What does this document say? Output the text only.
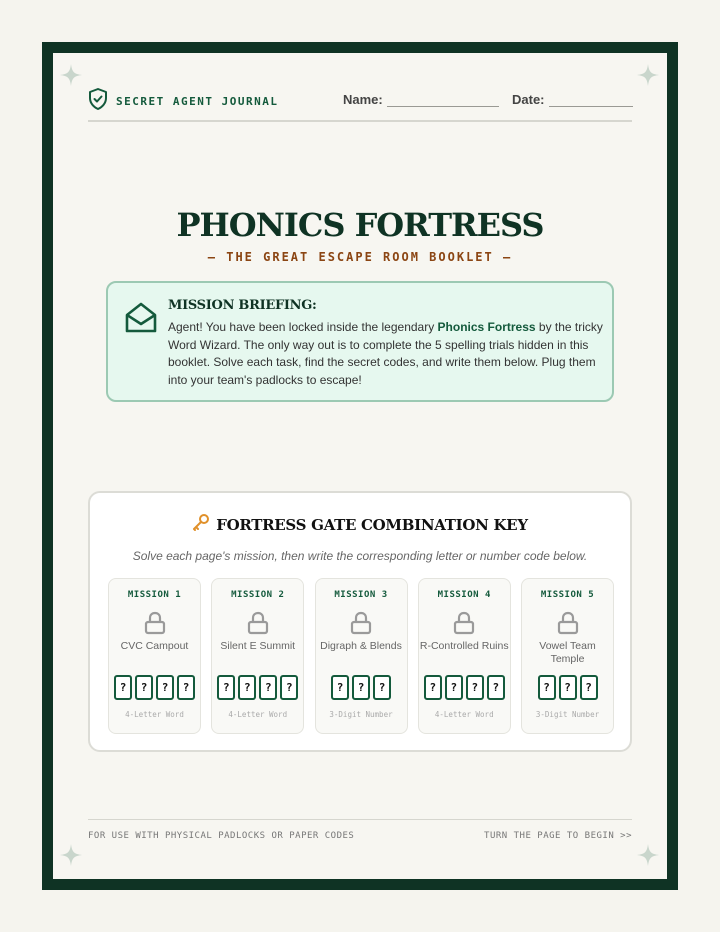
SECRET AGENT JOURNAL	Name:	Date:
PHONICS FORTRESS
— THE GREAT ESCAPE ROOM BOOKLET —
MISSION BRIEFING:
Agent! You have been locked inside the legendary Phonics Fortress by the tricky Word Wizard. The only way out is to complete the 5 spelling trials hidden in this booklet. Solve each task, find the secret codes, and write them below. Plug them into your team's padlocks to escape!
FORTRESS GATE COMBINATION KEY
Solve each page's mission, then write the corresponding letter or number code below.
MISSION 1
CVC Campout
?	?	?	?
4-Letter Word
MISSION 2
Silent E Summit
?	?	?	?
4-Letter Word
MISSION 3
Digraph & Blends
?	?	?
3-Digit Number
MISSION 4
R-Controlled Ruins
?	?	?	?
4-Letter Word
MISSION 5
Vowel Team Temple
?	?	?
3-Digit Number
FOR USE WITH PHYSICAL PADLOCKS OR PAPER CODES	TURN THE PAGE TO BEGIN >>
